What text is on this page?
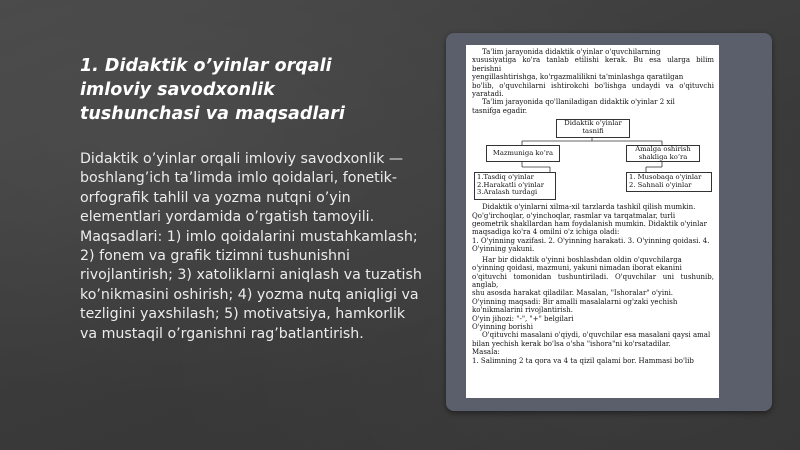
1. Didaktik o’yinlar orqali imloviy savodxonlik tushunchasi va maqsadlari

Didaktik o’yinlar orqali imloviy savodxonlik — boshlang’ich ta’limda imlo qoidalari, fonetik-orfografik tahlil va yozma nutqni o’yin elementlari yordamida o’rgatish tamoyili. Maqsadlari: 1) imlo qoidalarini mustahkamlash; 2) fonem va grafik tizimni tushunishni rivojlantirish; 3) xatoliklarni aniqlash va tuzatish ko’nikmasini oshirish; 4) yozma nutq aniqligi va tezligini yaxshilash; 5) motivatsiya, hamkorlik va mustaqil o’rganishni rag’batlantirish.

Ta'lim jarayonida didaktik o'yinlar o'quvchilarning

xususiyatiga ko'ra tanlab etilishi kerak. Bu esa ularga bilim berishni

yengillashtirishga, ko'rgazmalilikni ta'minlashga qaratilgan

bo'lib, o'quvchilarni ishtirokchi bo'lishga undaydi va o'qituvchi yaratadi.

Ta'lim jarayonida qo'llaniladigan didaktik o'yinlar 2 xil

tasnifga egadir.

Didaktik o’yinlar tasnifi
Mazmuniga ko’ra	Amalga oshirish shakliga ko’ra
1.Tasdiq o'yinlar
2.Harakatli o'yinlar
3.Aralash turdagi
1. Musobaqa o'yinlar
2. Sahnali o'yinlar

Didaktik o'yinlarni xilma-xil tarzlarda tashkil qilish mumkin.

Qo'g'irchoqlar, o'yinchoqlar, rasmlar va tarqatmalar, turli

geometrik shakllardan ham foydalanish mumkin. Didaktik o'yinlar

maqsadiga ko'ra 4 omilni o'z ichiga oladi:

1. O'yinning vazifasi. 2. O'yinning harakati. 3. O'yinning qoidasi. 4.

O'yinning yakuni.

Har bir didaktik o'yinni boshlashdan oldin o'quvchilarga

o'yinning qoidasi, mazmuni, yakuni nimadan iborat ekanini

o'qituvchi tomonidan tushuntiriladi. O'quvchilar uni tushunib, anglab,

shu asosda harakat qiladilar. Masalan, "Ishoralar" o'yini.

O'yinning maqsadi: Bir amalli masalalarni og'zaki yechish

ko'nikmalarini rivojlantirish.

O'yin jihozi: "-", "+" belgilari

O'yinning borishi

O'qituvchi masalani o'qiydi, o'quvchilar esa masalani qaysi amal

bilan yechish kerak bo'lsa o'sha "ishora"ni ko'rsatadilar.

Masala:

1. Salimning 2 ta qora va 4 ta qizil qalami bor. Hammasi bo'lib
